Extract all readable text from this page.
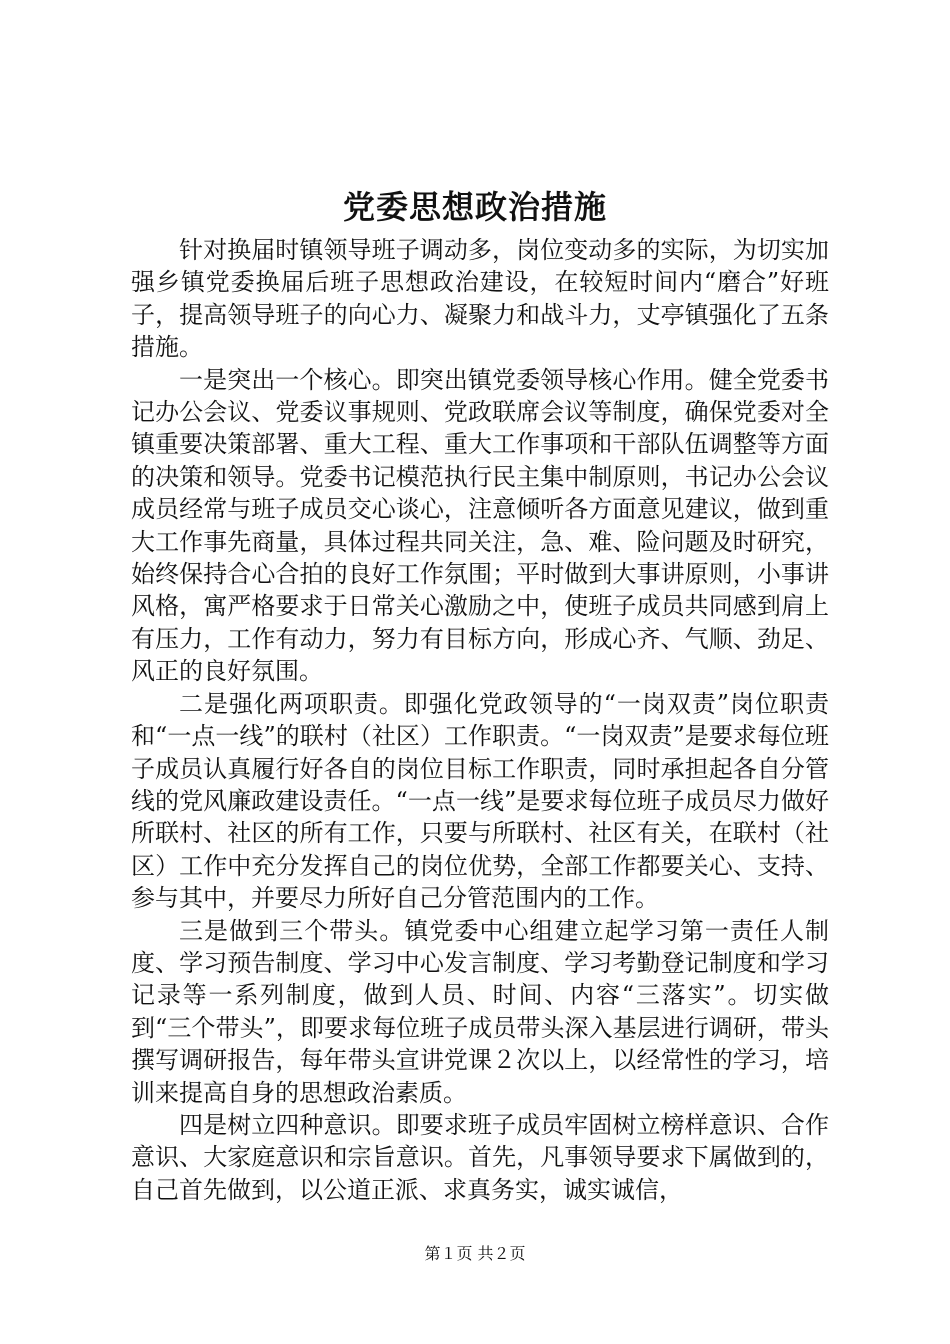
党委思想政治措施

针对换届时镇领导班子调动多，岗位变动多的实际，为切实加强乡镇党委换届后班子思想政治建设，在较短时间内“磨合”好班子，提高领导班子的向心力、凝聚力和战斗力，丈亭镇强化了五条措施。

一是突出一个核心。即突出镇党委领导核心作用。健全党委书记办公会议、党委议事规则、党政联席会议等制度，确保党委对全镇重要决策部署、重大工程、重大工作事项和干部队伍调整等方面的决策和领导。党委书记模范执行民主集中制原则，书记办公会议成员经常与班子成员交心谈心，注意倾听各方面意见建议，做到重大工作事先商量，具体过程共同关注，急、难、险问题及时研究，始终保持合心合拍的良好工作氛围；平时做到大事讲原则，小事讲风格，寓严格要求于日常关心激励之中，使班子成员共同感到肩上有压力，工作有动力，努力有目标方向，形成心齐、气顺、劲足、风正的良好氛围。

二是强化两项职责。即强化党政领导的“一岗双责”岗位职责和“一点一线”的联村（社区）工作职责。“一岗双责”是要求每位班子成员认真履行好各自的岗位目标工作职责，同时承担起各自分管线的党风廉政建设责任。“一点一线”是要求每位班子成员尽力做好所联村、社区的所有工作，只要与所联村、社区有关，在联村（社区）工作中充分发挥自己的岗位优势，全部工作都要关心、支持、参与其中，并要尽力所好自己分管范围内的工作。

三是做到三个带头。镇党委中心组建立起学习第一责任人制度、学习预告制度、学习中心发言制度、学习考勤登记制度和学习记录等一系列制度，做到人员、时间、内容“三落实”。切实做到“三个带头”，即要求每位班子成员带头深入基层进行调研，带头撰写调研报告，每年带头宣讲党课２次以上，以经常性的学习，培训来提高自身的思想政治素质。

四是树立四种意识。即要求班子成员牢固树立榜样意识、合作意识、大家庭意识和宗旨意识。首先，凡事领导要求下属做到的，自己首先做到，以公道正派、求真务实，诚实诚信，

第１页 共２页
